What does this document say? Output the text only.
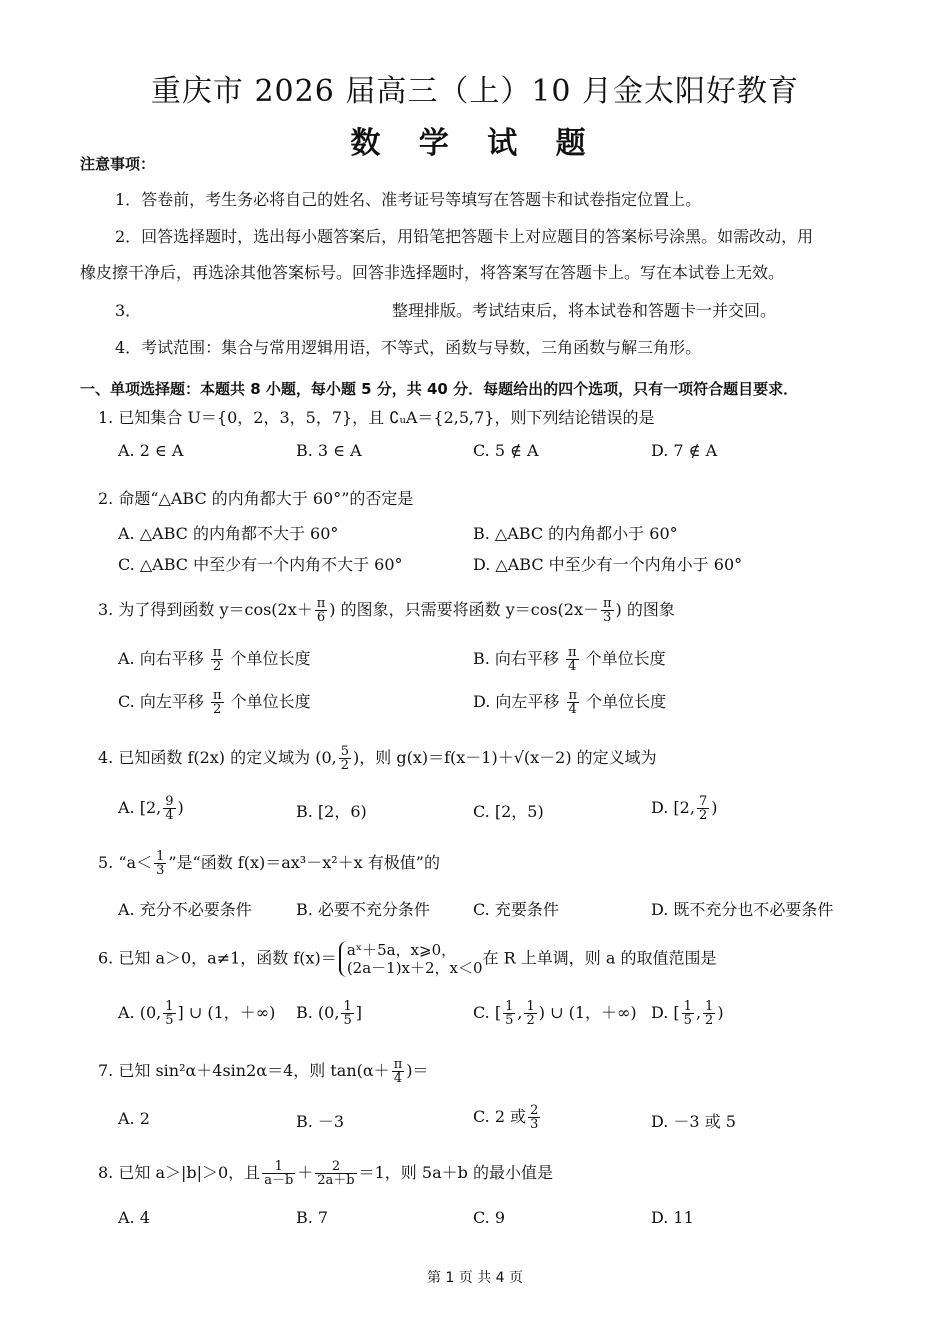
重庆市 2026 届高三（上）10 月金太阳好教育
数 学 试 题
注意事项：
1．答卷前，考生务必将自己的姓名、准考证号等填写在答题卡和试卷指定位置上。
2．回答选择题时，选出每小题答案后，用铅笔把答题卡上对应题目的答案标号涂黑。如需改动，用
橡皮擦干净后，再选涂其他答案标号。回答非选择题时，将答案写在答题卡上。写在本试卷上无效。
3．	整理排版。考试结束后，将本试卷和答题卡一并交回。
4．考试范围：集合与常用逻辑用语，不等式，函数与导数，三角函数与解三角形。
一、单项选择题：本题共 8 小题，每小题 5 分，共 40 分．每题给出的四个选项，只有一项符合题目要求．
1. 已知集合 U＝{0，2，3，5，7}，且 ∁ᵤA＝{2,5,7}，则下列结论错误的是
A. 2 ∈ A	B. 3 ∈ A	C. 5 ∉ A	D. 7 ∉ A
2. 命题“△ABC 的内角都大于 60°”的否定是
A. △ABC 的内角都不大于 60°	B. △ABC 的内角都小于 60°
C. △ABC 中至少有一个内角不大于 60°	D. △ABC 中至少有一个内角小于 60°
3. 为了得到函数 $y=\cos(2x+ \frac{\pi}{6}$ ) 的图象，只需要将函数 $y=\cos(2x- \frac{\pi}{3}$ ) 的图象
A. 向右平移 $\frac{\pi}{2}$ 个单位长度	B. 向右平移 $\frac{\pi}{4}$ 个单位长度
C. 向左平移 $\frac{\pi}{2}$ 个单位长度	D. 向左平移 $\frac{\pi}{4}$ 个单位长度
4. 已知函数 f(2x) 的定义域为 (0, $\frac{5}{2}$ )，则 g(x)＝f(x－1)＋√(x－2) 的定义域为
A. [2, $\frac{9}{4}$ )	B. [2，6)	C. [2，5)	D. [2, $\frac{7}{2}$ )
5. “$a< \frac{1}{3}$ ”是“函数 f(x)＝ax³－x²＋x 有极值”的
A. 充分不必要条件	B. 必要不充分条件	C. 充要条件	D. 既不充分也不必要条件
6. 已知 a＞0，a≠1，函数 f(x)＝ aˣ＋5a，x⩾0，
(2a－1)x＋2，x＜0
在 R 上单调，则 a 的取值范围是
A. (0, $\frac{1}{5}$ ] ∪ (1，＋∞) B. (0, $\frac{1}{5}$ ]	C. [ $\frac{1}{5}$ , $\frac{1}{2}$ ) ∪ (1，＋∞) D. [ $\frac{1}{5}$ , $\frac{1}{2}$ )
7. 已知 sin²α＋4sin2α＝4，则 $\tan(\alpha+ \frac{\pi}{4}$ )＝
A. 2	B. －3	C. 2 或 $\frac{2}{3}$	D. －3 或 5
8. 已知 a＞|b|＞0，且 $\frac{1}{a-b} + \frac{2}{2a+b} =1$，则 5a＋b 的最小值是
A. 4	B. 7	C. 9	D. 11
第 1 页 共 4 页
